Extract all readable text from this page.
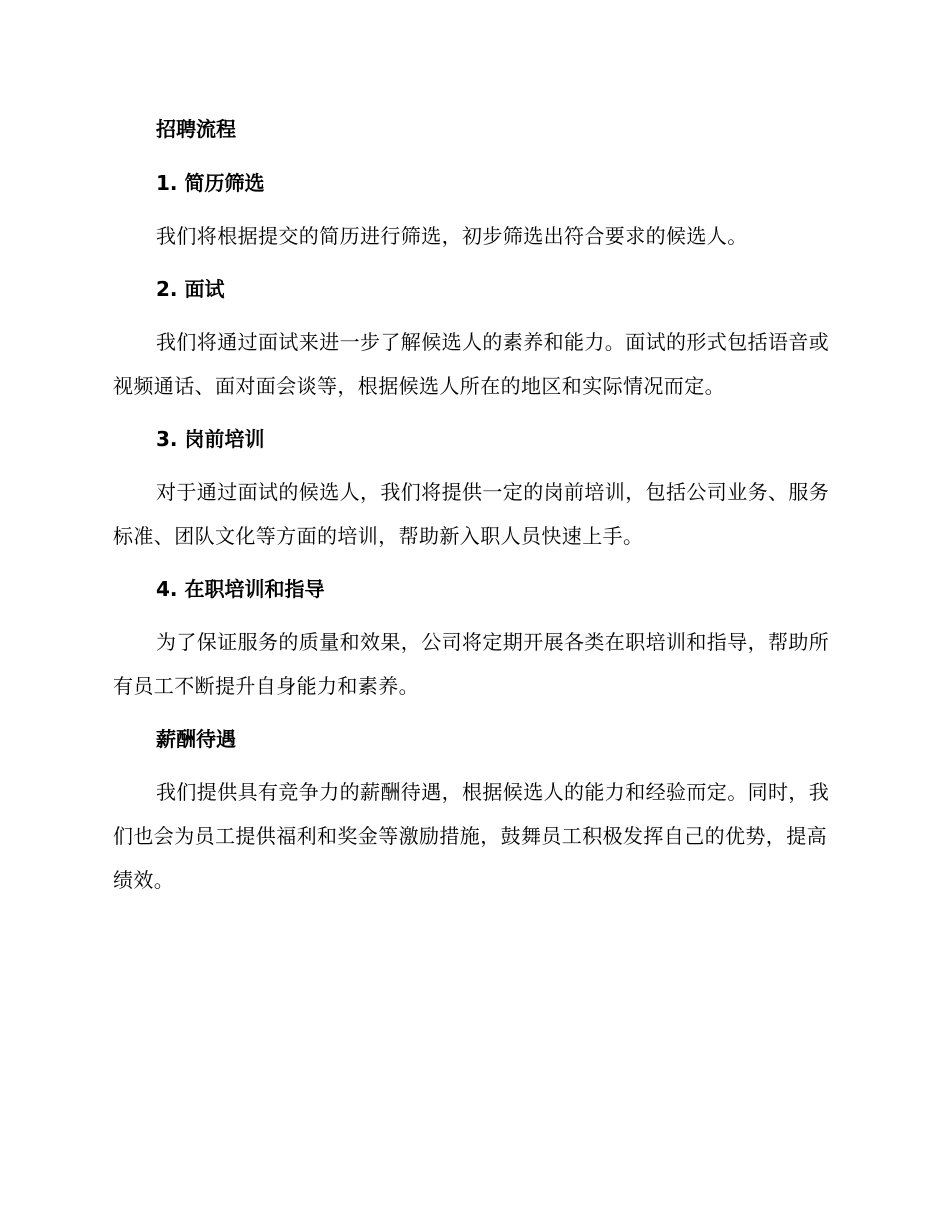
招聘流程
1. 简历筛选

我们将根据提交的简历进行筛选，初步筛选出符合要求的候选人。

2. 面试

我们将通过面试来进一步了解候选人的素养和能力。面试的形式包括语音或视频通话、面对面会谈等，根据候选人所在的地区和实际情况而定。

3. 岗前培训

对于通过面试的候选人，我们将提供一定的岗前培训，包括公司业务、服务标准、团队文化等方面的培训，帮助新入职人员快速上手。

4. 在职培训和指导

为了保证服务的质量和效果，公司将定期开展各类在职培训和指导，帮助所有员工不断提升自身能力和素养。

薪酬待遇

我们提供具有竞争力的薪酬待遇，根据候选人的能力和经验而定。同时，我们也会为员工提供福利和奖金等激励措施，鼓舞员工积极发挥自己的优势，提高绩效。
